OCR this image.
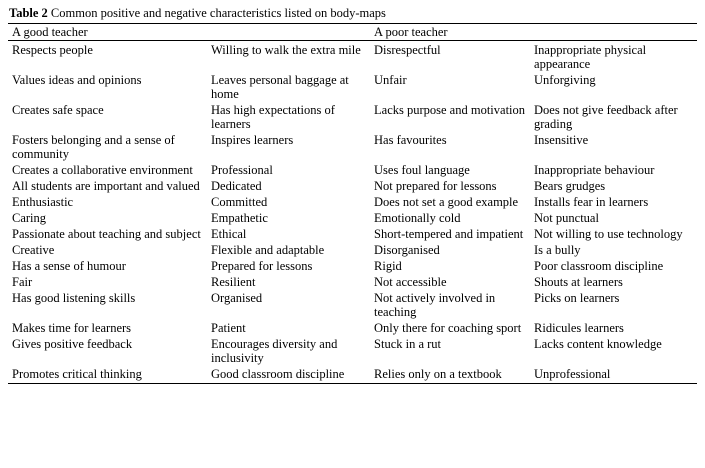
Table 2 Common positive and negative characteristics listed on body-maps

A good teacher		A poor teacher	
Respects people	Willing to walk the extra mile	Disrespectful	Inappropriate physical appearance
Values ideas and opinions	Leaves personal baggage at home	Unfair	Unforgiving
Creates safe space	Has high expectations of learners	Lacks purpose and motivation	Does not give feedback after grading
Fosters belonging and a sense of community	Inspires learners	Has favourites	Insensitive
Creates a collaborative environment	Professional	Uses foul language	Inappropriate behaviour
All students are important and valued	Dedicated	Not prepared for lessons	Bears grudges
Enthusiastic	Committed	Does not set a good example	Installs fear in learners
Caring	Empathetic	Emotionally cold	Not punctual
Passionate about teaching and subject	Ethical	Short-tempered and impatient	Not willing to use technology
Creative	Flexible and adaptable	Disorganised	Is a bully
Has a sense of humour	Prepared for lessons	Rigid	Poor classroom discipline
Fair	Resilient	Not accessible	Shouts at learners
Has good listening skills	Organised	Not actively involved in teaching	Picks on learners
Makes time for learners	Patient	Only there for coaching sport	Ridicules learners
Gives positive feedback	Encourages diversity and inclusivity	Stuck in a rut	Lacks content knowledge
Promotes critical thinking	Good classroom discipline	Relies only on a textbook	Unprofessional
